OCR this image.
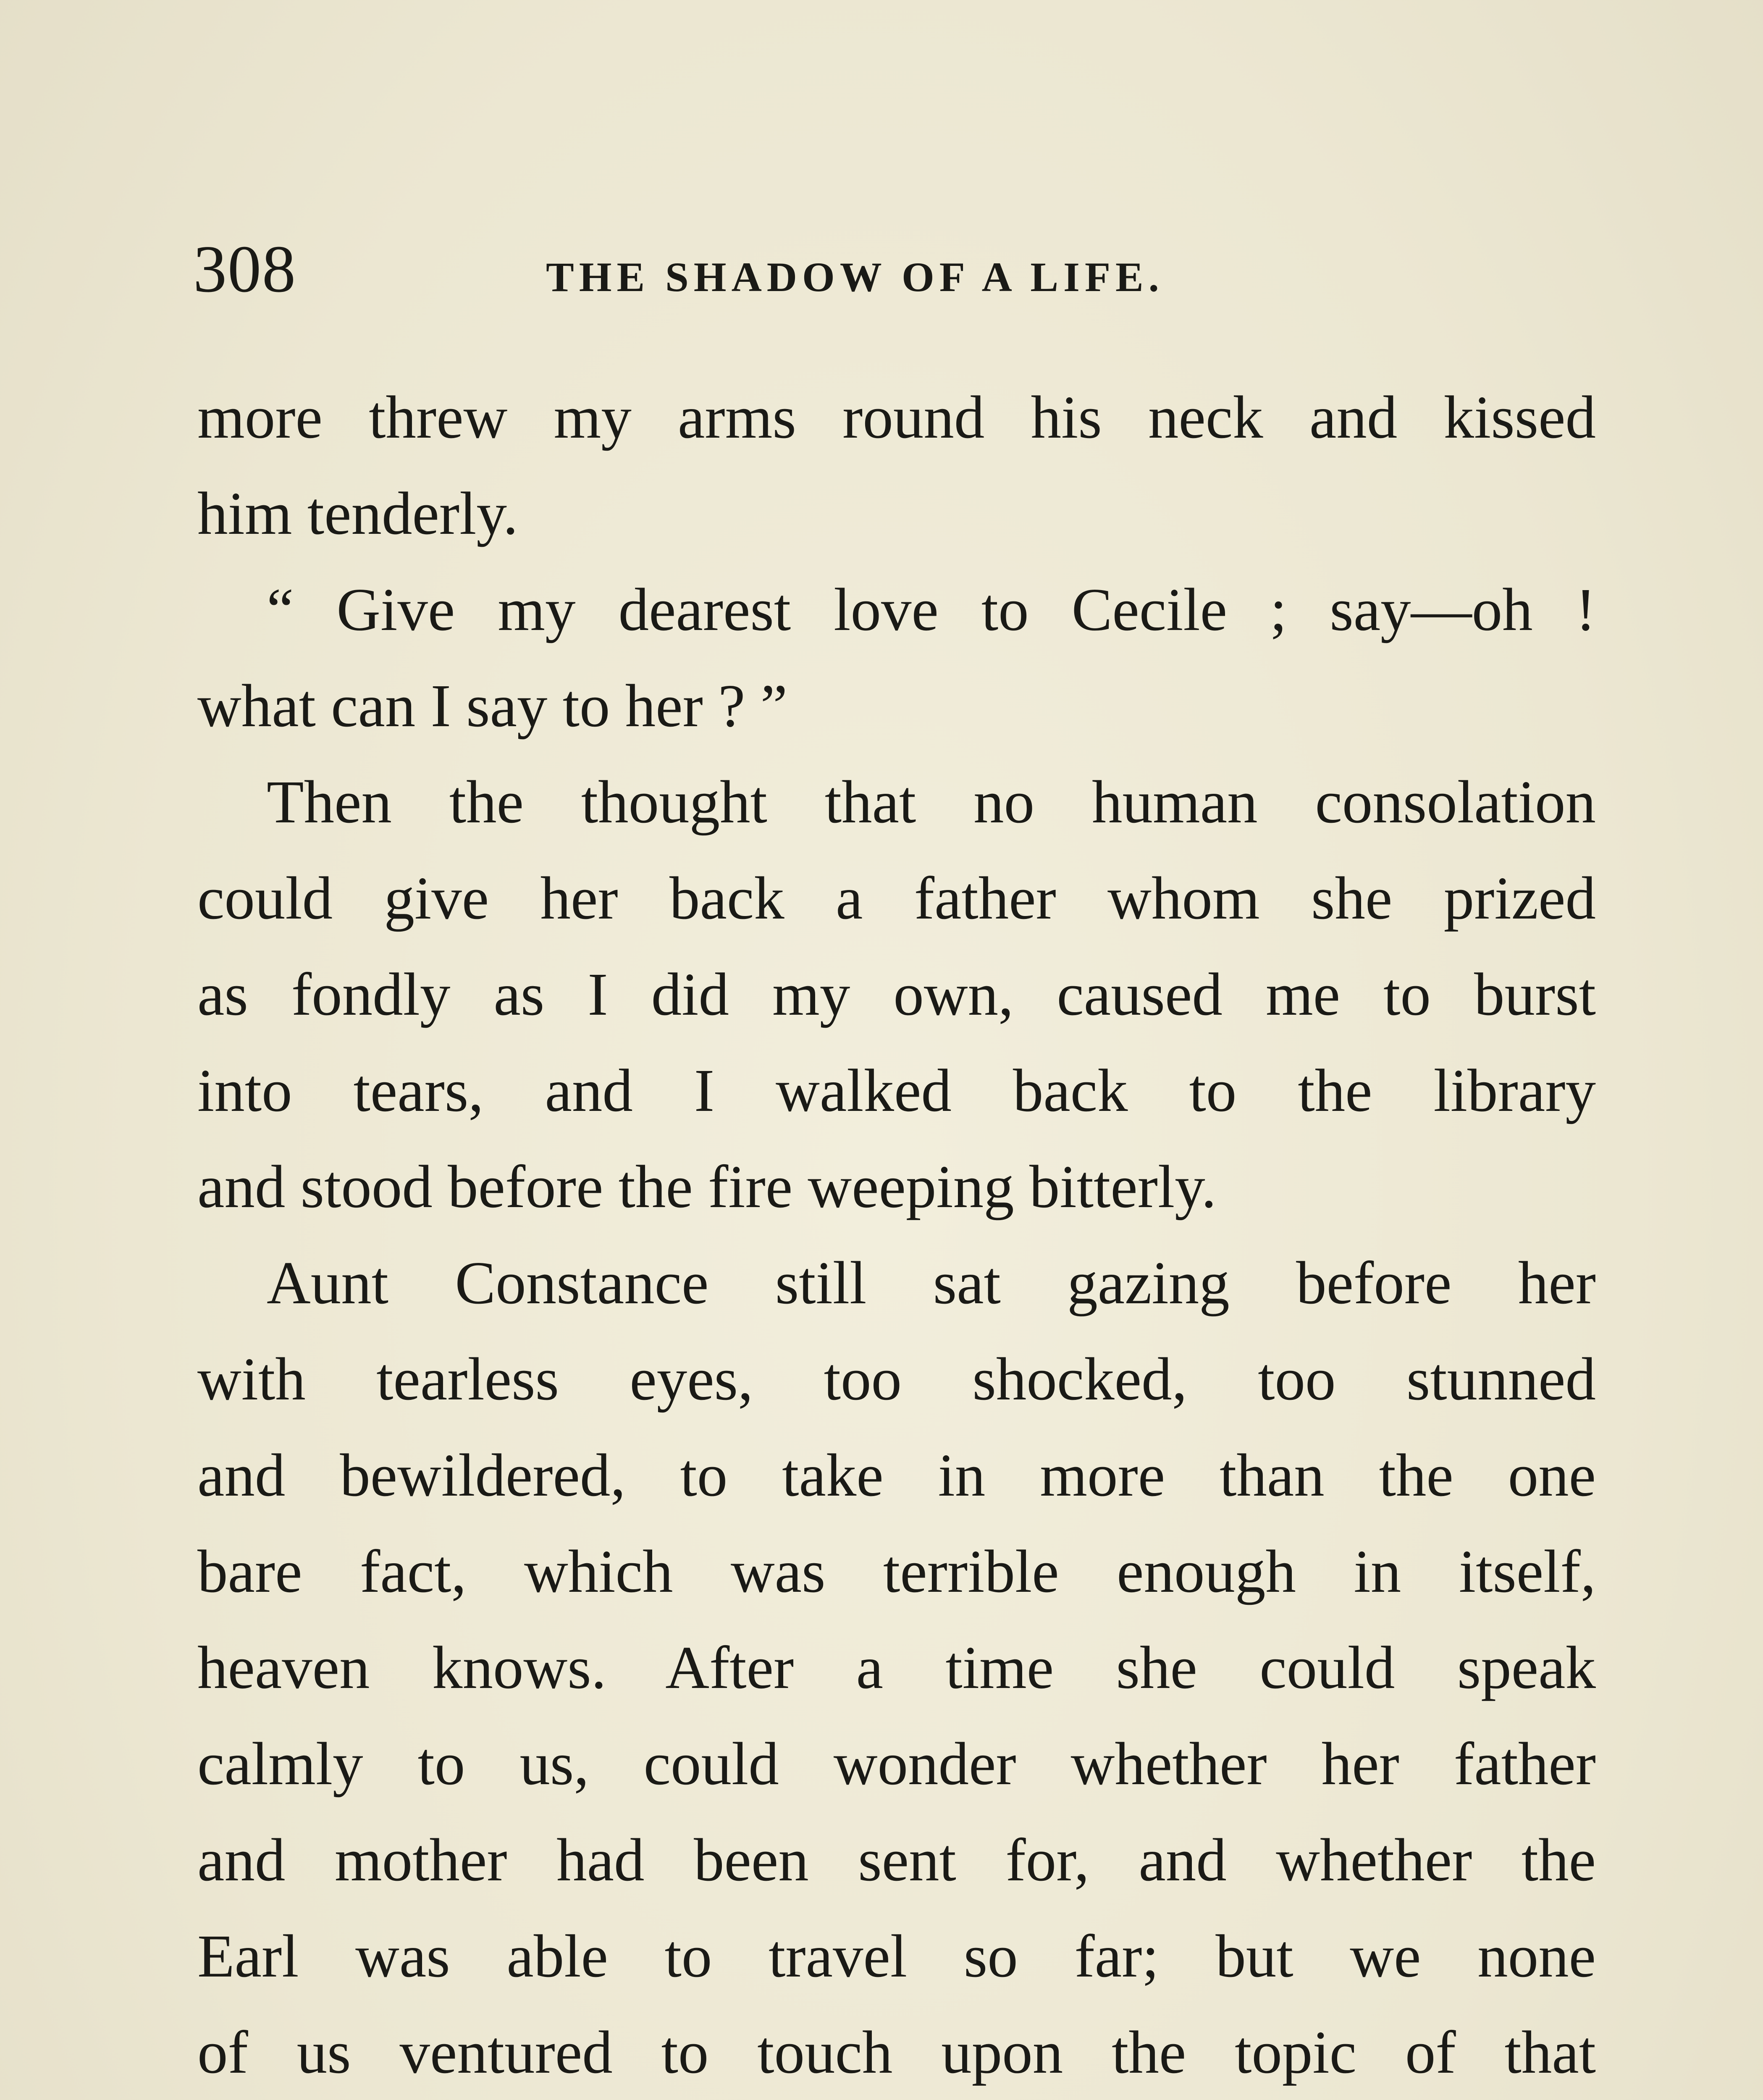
308	THE SHADOW OF A LIFE.
more threw my arms round his neck and kissed
him tenderly.
“ Give my dearest love to Cecile ; say—oh !
what can I say to her ? ”
Then the thought that no human consolation
could give her back a father whom she prized
as fondly as I did my own, caused me to burst
into tears, and I walked back to the library
and stood before the fire weeping bitterly.
Aunt Constance still sat gazing before her
with tearless eyes, too shocked, too stunned
and bewildered, to take in more than the one
bare fact, which was terrible enough in itself,
heaven knows. After a time she could speak
calmly to us, could wonder whether her father
and mother had been sent for, and whether the
Earl was able to travel so far; but we none
of us ventured to touch upon the topic of that
